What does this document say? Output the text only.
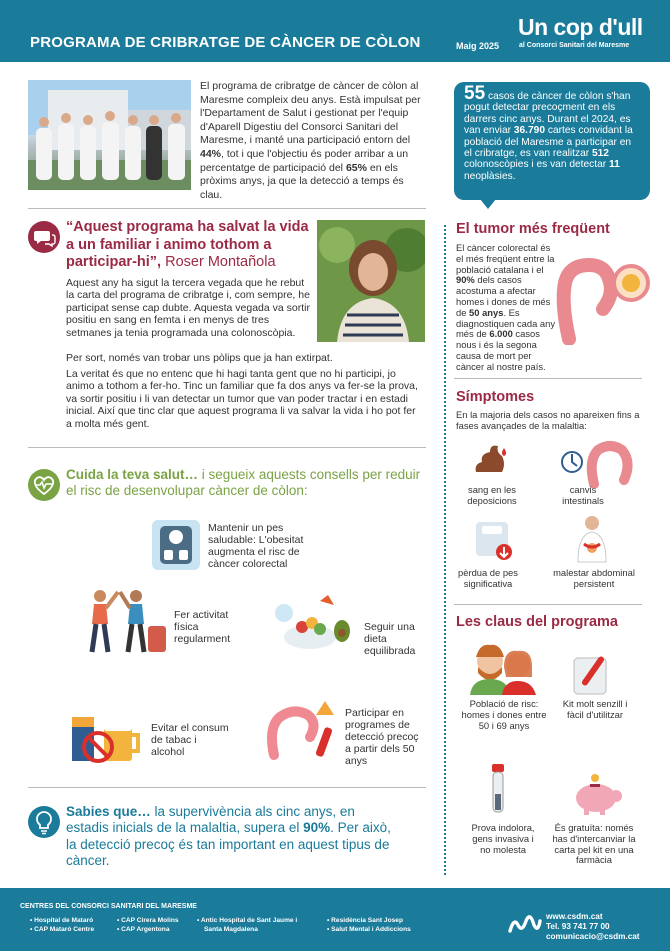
PROGRAMA DE CRIBRATGE DE CÀNCER DE CÒLON	Maig 2025
Un cop d'ull
al Consorci Sanitari del Maresme
El programa de cribratge de càncer de còlon al Maresme compleix deu anys. Està impulsat per l'Departament de Salut i gestionat per l'equip d'Aparell Digestiu del Consorci Sanitari del Maresme, i manté una participació entorn del 44%, tot i que l'objectiu és poder arribar a un percentatge de participació del 65% en els pròxims anys, ja que la detecció a temps és clau.
55 casos de càncer de còlon s'han pogut detectar precoçment en els darrers cinc anys. Durant el 2024, es van enviar 36.790 cartes convidant la població del Maresme a participar en el cribratge, es van realitzar 512 colonoscòpies i es van detectar 11 neoplàsies.
“Aquest programa ha salvat la vida a un familiar i animo tothom a participar-hi”, Roser Montañola
Aquest any ha sigut la tercera vegada que he rebut la carta del programa de cribratge i, com sempre, he participat sense cap dubte. Aquesta vegada va sortir positiu en sang en femta i en menys de tres setmanes ja tenia programada una colonoscòpia.
Per sort, només van trobar uns pòlips que ja han extirpat.
La veritat és que no entenc que hi hagi tanta gent que no hi participi, jo animo a tothom a fer-ho. Tinc un familiar que fa dos anys va fer-se la prova, va sortir positiu i li van detectar un tumor que van poder tractar i en estadi inicial. Així que tinc clar que aquest programa li va salvar la vida i ho pot fer a molta més gent.
Cuida la teva salut… i segueix aquests consells per reduir el risc de desenvolupar càncer de còlon:
Mantenir un pes saludable: L'obesitat augmenta el risc de càncer colorectal
Fer activitat física regularment
Seguir una dieta equilibrada
Evitar el consum de tabac i alcohol
Participar en programes de detecció precoç a partir dels 50 anys
Sabies que… la supervivència als cinc anys, en estadis inicials de la malaltia, supera el 90%. Per això, la detecció precoç és tan important en aquest tipus de càncer.
El tumor més freqüent
El càncer colorectal és el més freqüent entre la població catalana i el 90% dels casos acostuma a afectar homes i dones de més de 50 anys. Es diagnostiquen cada any més de 6.000 casos nous i és la segona causa de mort per càncer al nostre país.
Símptomes
En la majoria dels casos no apareixen fins a fases avançades de la malaltia:
sang en les deposicions
canvis intestinals
pèrdua de pes significativa
malestar abdominal persistent
Les claus del programa
Població de risc: homes i dones entre 50 i 69 anys
Kit molt senzill i fàcil d'utilitzar
Prova indolora, gens invasiva i no molesta
És gratuïta: només has d'intercanviar la carta pel kit en una farmàcia
CENTRES DEL CONSORCI SANITARI DEL MARESME
• Hospital de Mataró
• CAP Mataró Centre
• CAP Cirera Molins
• CAP Argentona
• Antic Hospital de Sant Jaume i
Santa Magdalena
• Residència Sant Josep
• Salut Mental i Addiccions
www.csdm.cat
Tel. 93 741 77 00
comunicacio@csdm.cat
